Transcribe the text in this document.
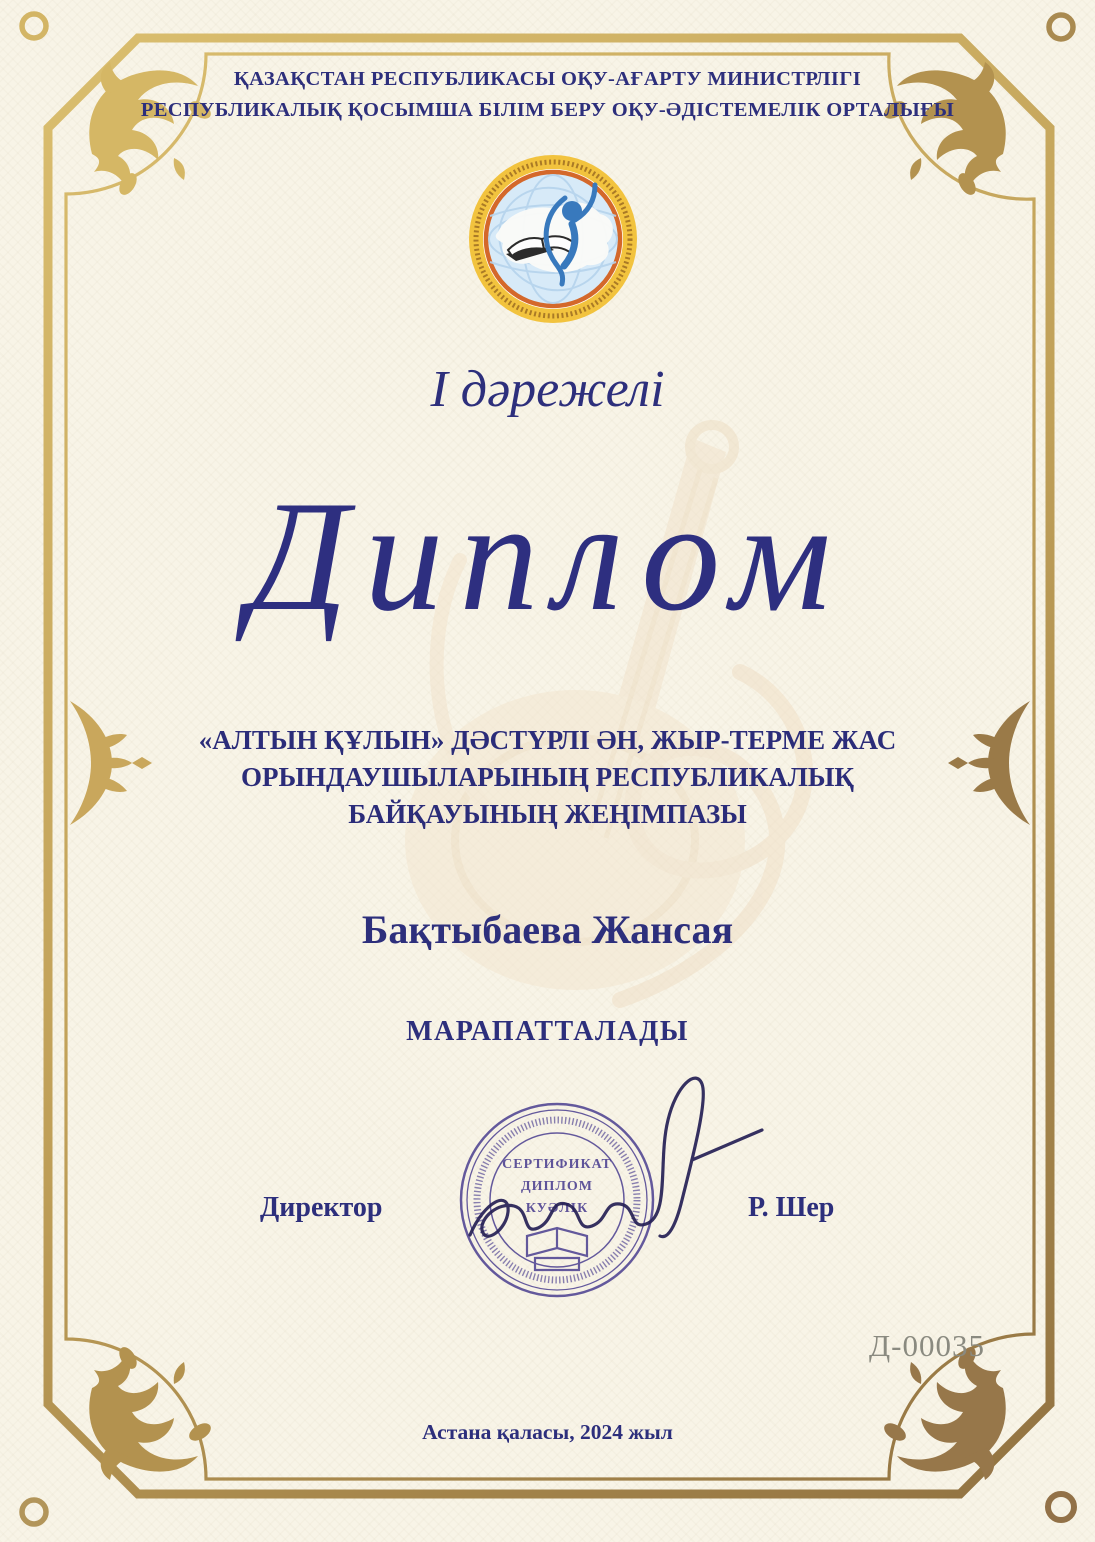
ҚАЗАҚСТАН РЕСПУБЛИКАСЫ ОҚУ-АҒАРТУ МИНИСТРЛІГІ
РЕСПУБЛИКАЛЫҚ ҚОСЫМША БІЛІМ БЕРУ ОҚУ-ӘДІСТЕМЕЛІК ОРТАЛЫҒЫ
І дәрежелі
Диплом
«АЛТЫН ҚҰЛЫН» ДӘСТҮРЛІ ӘН, ЖЫР-ТЕРМЕ ЖАС
ОРЫНДАУШЫЛАРЫНЫҢ РЕСПУБЛИКАЛЫҚ
БАЙҚАУЫНЫҢ ЖЕҢІМПАЗЫ
Бақтыбаева Жансая
МАРАПАТТАЛАДЫ
СЕРТИФИКАТ
ДИПЛОМ
КУӘЛІК
Директор	Р. Шер
Д-00035
Астана қаласы, 2024 жыл
